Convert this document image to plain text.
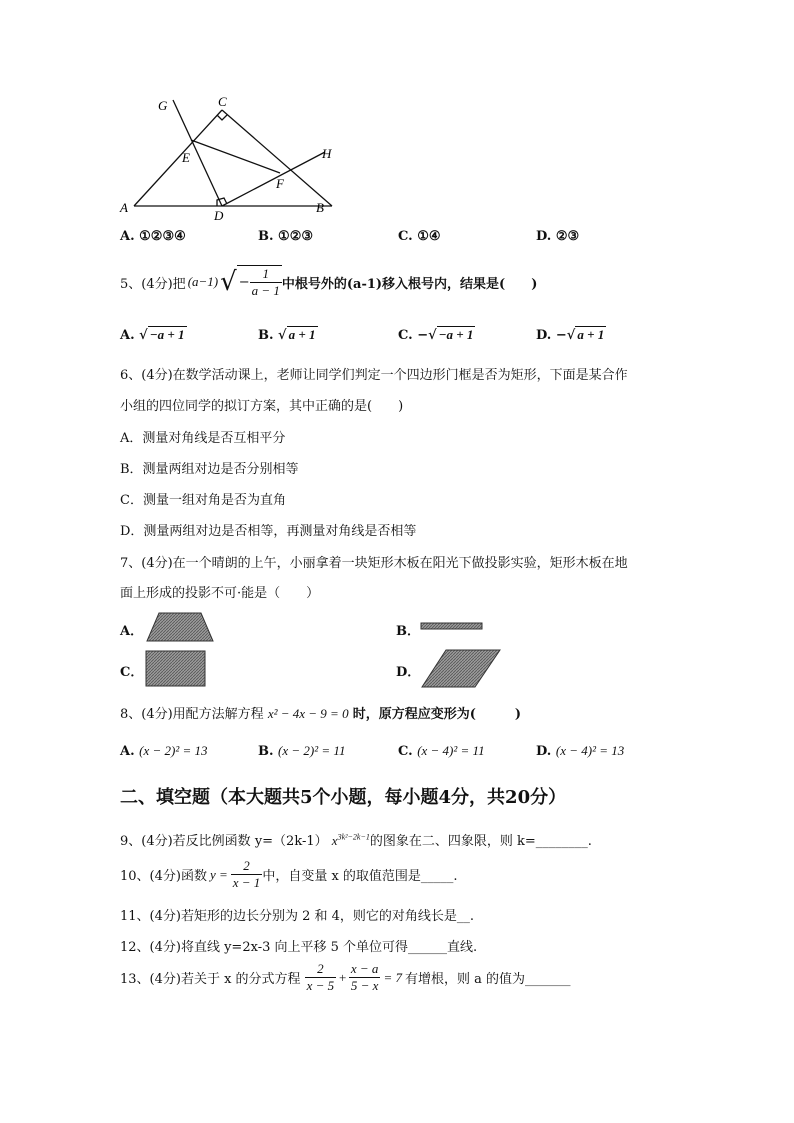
A	B
C
D
E
F
G
H
A. ①②③④	B. ①②③	C. ①④	D. ②③
5、(4分)把 (a−1) √ − $\frac{1}{a - 1}$ 中根号外的(a-1)移入根号内，结果是(　　)
A. √ −a + 1	B. √ a + 1	C. −√ −a + 1	D. −√ a + 1
6、(4分)在数学活动课上，老师让同学们判定一个四边形门框是否为矩形，下面是某合作
小组的四位同学的拟订方案，其中正确的是(　　)
A．测量对角线是否互相平分
B．测量两组对边是否分别相等
C．测量一组对角是否为直角
D．测量两组对边是否相等，再测量对角线是否相等
7、(4分)在一个晴朗的上午，小丽拿着一块矩形木板在阳光下做投影实验，矩形木板在地
面上形成的投影不可·能是（　　）
A．	B．
C．	D．
8、(4分)用配方法解方程 x² − 4x − 9 = 0 时，原方程应变形为(　　　)
A. (x − 2)² = 13	B. (x − 2)² = 11	C. (x − 4)² = 11	D. (x − 4)² = 13
二、填空题（本大题共5个小题，每小题4分，共20分）
9、(4分)若反比例函数 y=（2k-1） $x^{3k^2-2k-1}$的图象在二、四象限，则 k=________.
10、(4分)函数 $y = \frac{2}{x - 1}$ 中，自变量 x 的取值范围是_____.
11、(4分)若矩形的边长分别为 2 和 4，则它的对角线长是__.
12、(4分)将直线 y=2x-3 向上平移 5 个单位可得______直线.
13、(4分)若关于 x 的分式方程 $\frac{2}{x - 5} + \frac{x - a}{5 - x} = 7$ 有增根，则 a 的值为_______
